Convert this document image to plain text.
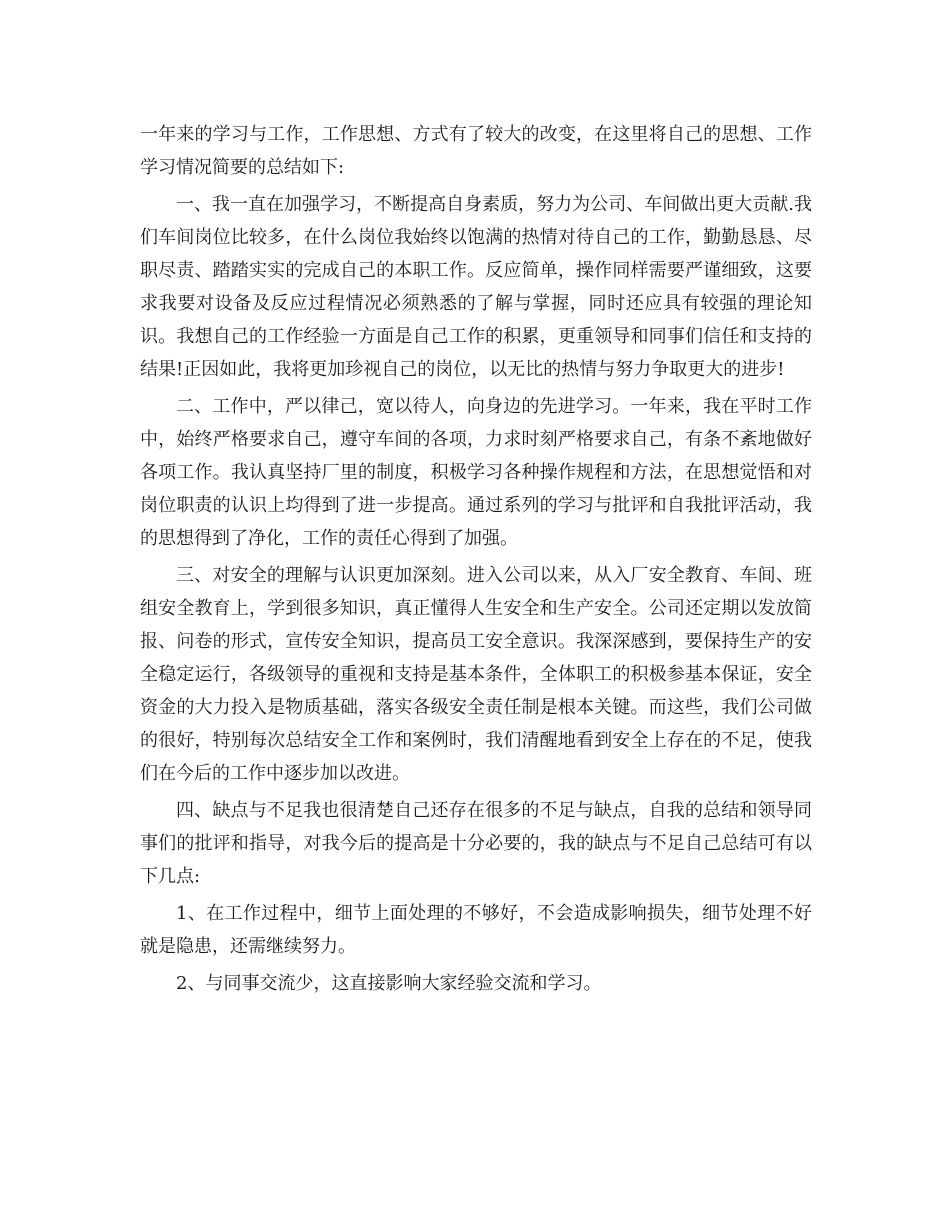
一年来的学习与工作，工作思想、方式有了较大的改变，在这里将自己的思想、工作学习情况简要的总结如下:

一、我一直在加强学习，不断提高自身素质，努力为公司、车间做出更大贡献.我们车间岗位比较多，在什么岗位我始终以饱满的热情对待自己的工作，勤勤恳恳、尽职尽责、踏踏实实的完成自己的本职工作。反应简单，操作同样需要严谨细致，这要求我要对设备及反应过程情况必须熟悉的了解与掌握，同时还应具有较强的理论知识。我想自己的工作经验一方面是自己工作的积累，更重领导和同事们信任和支持的结果!正因如此，我将更加珍视自己的岗位，以无比的热情与努力争取更大的进步!

二、工作中，严以律己，宽以待人，向身边的先进学习。一年来，我在平时工作中，始终严格要求自己，遵守车间的各项，力求时刻严格要求自己，有条不紊地做好各项工作。我认真坚持厂里的制度，积极学习各种操作规程和方法，在思想觉悟和对岗位职责的认识上均得到了进一步提高。通过系列的学习与批评和自我批评活动，我的思想得到了净化，工作的责任心得到了加强。

三、对安全的理解与认识更加深刻。进入公司以来，从入厂安全教育、车间、班组安全教育上，学到很多知识，真正懂得人生安全和生产安全。公司还定期以发放简报、问卷的形式，宣传安全知识，提高员工安全意识。我深深感到，要保持生产的安全稳定运行，各级领导的重视和支持是基本条件，全体职工的积极参基本保证，安全资金的大力投入是物质基础，落实各级安全责任制是根本关键。而这些，我们公司做的很好，特别每次总结安全工作和案例时，我们清醒地看到安全上存在的不足，使我们在今后的工作中逐步加以改进。

四、缺点与不足我也很清楚自己还存在很多的不足与缺点，自我的总结和领导同事们的批评和指导，对我今后的提高是十分必要的，我的缺点与不足自己总结可有以下几点:

1、在工作过程中，细节上面处理的不够好，不会造成影响损失，细节处理不好就是隐患，还需继续努力。

2、与同事交流少，这直接影响大家经验交流和学习。
